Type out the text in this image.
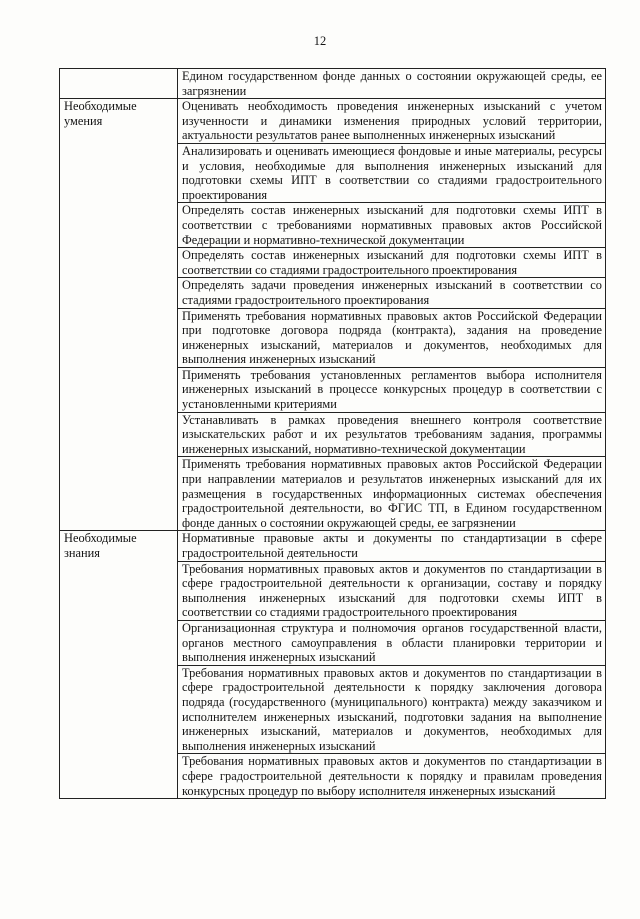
12
	Едином государственном фонде данных о состоянии окружающей среды, ее загрязнении
Необходимые умения	Оценивать необходимость проведения инженерных изысканий с учетом изученности и динамики изменения природных условий территории, актуальности результатов ранее выполненных инженерных изысканий
	Анализировать и оценивать имеющиеся фондовые и иные материалы, ресурсы и условия, необходимые для выполнения инженерных изысканий для подготовки схемы ИПТ в соответствии со стадиями градостроительного проектирования
	Определять состав инженерных изысканий для подготовки схемы ИПТ в соответствии с требованиями нормативных правовых актов Российской Федерации и нормативно-технической документации
	Определять состав инженерных изысканий для подготовки схемы ИПТ в соответствии со стадиями градостроительного проектирования
	Определять задачи проведения инженерных изысканий в соответствии со стадиями градостроительного проектирования
	Применять требования нормативных правовых актов Российской Федерации при подготовке договора подряда (контракта), задания на проведение инженерных изысканий, материалов и документов, необходимых для выполнения инженерных изысканий
	Применять требования установленных регламентов выбора исполнителя инженерных изысканий в процессе конкурсных процедур в соответствии с установленными критериями
	Устанавливать в рамках проведения внешнего контроля соответствие изыскательских работ и их результатов требованиям задания, программы инженерных изысканий, нормативно-технической документации
	Применять требования нормативных правовых актов Российской Федерации при направлении материалов и результатов инженерных изысканий для их размещения в государственных информационных системах обеспечения градостроительной деятельности, во ФГИС ТП, в Едином государственном фонде данных о состоянии окружающей среды, ее загрязнении
Необходимые знания	Нормативные правовые акты и документы по стандартизации в сфере градостроительной деятельности
	Требования нормативных правовых актов и документов по стандартизации в сфере градостроительной деятельности к организации, составу и порядку выполнения инженерных изысканий для подготовки схемы ИПТ в соответствии со стадиями градостроительного проектирования
	Организационная структура и полномочия органов государственной власти, органов местного самоуправления в области планировки территории и выполнения инженерных изысканий
	Требования нормативных правовых актов и документов по стандартизации в сфере градостроительной деятельности к порядку заключения договора подряда (государственного (муниципального) контракта) между заказчиком и исполнителем инженерных изысканий, подготовки задания на выполнение инженерных изысканий, материалов и документов, необходимых для выполнения инженерных изысканий
	Требования нормативных правовых актов и документов по стандартизации в сфере градостроительной деятельности к порядку и правилам проведения конкурсных процедур по выбору исполнителя инженерных изысканий
